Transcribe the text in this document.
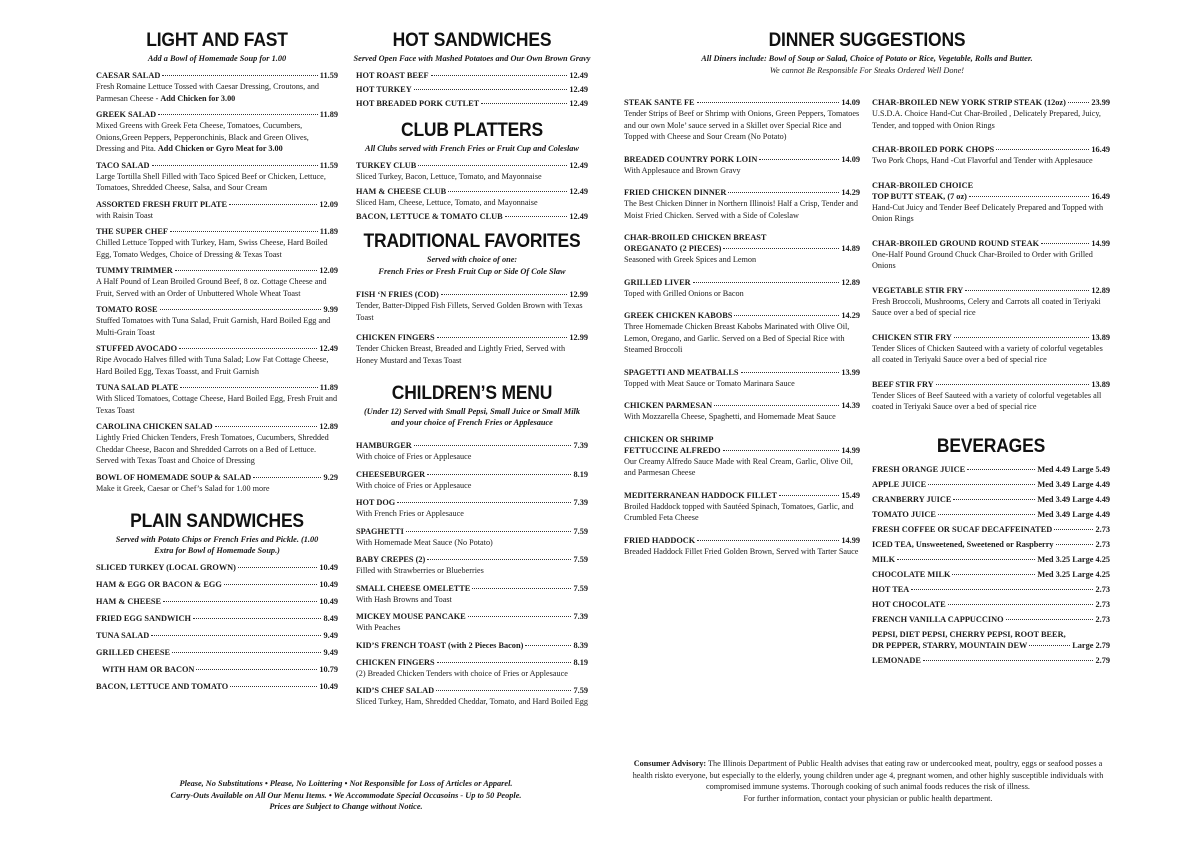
LIGHT AND FAST
Add a Bowl of Homemade Soup for 1.00
CAESAR SALAD	11.59
Fresh Romaine Lettuce Tossed with Caesar Dressing, Croutons, and Parmesan Cheese - Add Chicken for 3.00
GREEK SALAD	11.89
Mixed Greens with Greek Feta Cheese, Tomatoes, Cucumbers, Onions,Green Peppers, Pepperonchinis, Black and Green Olives, Dressing and Pita. Add Chicken or Gyro Meat for 3.00
TACO SALAD	11.59
Large Tortilla Shell Filled with Taco Spiced Beef or Chicken, Lettuce, Tomatoes, Shredded Cheese, Salsa, and Sour Cream
ASSORTED FRESH FRUIT PLATE	12.09
with Raisin Toast
THE SUPER CHEF	11.89
Chilled Lettuce Topped with Turkey, Ham, Swiss Cheese, Hard Boiled Egg, Tomato Wedges, Choice of Dressing & Texas Toast
TUMMY TRIMMER	12.09
A Half Pound of Lean Broiled Ground Beef, 8 oz. Cottage Cheese and Fruit, Served with an Order of Unbuttered Whole Wheat Toast
TOMATO ROSE	9.99
Stuffed Tomatoes with Tuna Salad, Fruit Garnish, Hard Boiled Egg and Multi-Grain Toast
STUFFED AVOCADO	12.49
Ripe Avocado Halves filled with Tuna Salad; Low Fat Cottage Cheese, Hard Boiled Egg, Texas Toasst, and Fruit Garnish
TUNA SALAD PLATE	11.89
With Sliced Tomatoes, Cottage Cheese, Hard Boiled Egg, Fresh Fruit and Texas Toast
CAROLINA CHICKEN SALAD	12.89
Lightly Fried Chicken Tenders, Fresh Tomatoes, Cucumbers, Shredded Cheddar Cheese, Bacon and Shredded Carrots on a Bed of Lettuce. Served with Texas Toast and Choice of Dressing
BOWL OF HOMEMADE SOUP & SALAD	9.29
Make it Greek, Caesar or Chef’s Salad for 1.00 more
PLAIN SANDWICHES
Served with Potato Chips or French Fries and Pickle. (1.00 Extra for Bowl of Homemade Soup.)
SLICED TURKEY (LOCAL GROWN)	10.49
HAM & EGG OR BACON & EGG	10.49
HAM & CHEESE	10.49
FRIED EGG SANDWICH	8.49
TUNA SALAD	9.49
GRILLED CHEESE	9.49
WITH HAM OR BACON	10.79
BACON, LETTUCE AND TOMATO	10.49
HOT SANDWICHES
Served Open Face with Mashed Potatoes and Our Own Brown Gravy
HOT ROAST BEEF	12.49
HOT TURKEY	12.49
HOT BREADED PORK CUTLET	12.49
CLUB PLATTERS
All Clubs served with French Fries or Fruit Cup and Coleslaw
TURKEY CLUB	12.49
Sliced Turkey, Bacon, Lettuce, Tomato, and Mayonnaise
HAM & CHEESE CLUB	12.49
Sliced Ham, Cheese, Lettuce, Tomato, and Mayonnaise
BACON, LETTUCE & TOMATO CLUB	12.49
TRADITIONAL FAVORITES
Served with choice of one:
French Fries or Fresh Fruit Cup or Side Of Cole Slaw
FISH ‘N FRIES (COD)	12.99
Tender, Batter-Dipped Fish Fillets, Served Golden Brown with Texas Toast
CHICKEN FINGERS	12.99
Tender Chicken Breast, Breaded and Lightly Fried, Served with Honey Mustard and Texas Toast
CHILDREN’S MENU
(Under 12) Served with Small Pepsi, Small Juice or Small Milk and your choice of French Fries or Applesauce
HAMBURGER	7.39
With choice of Fries or Applesauce
CHEESEBURGER	8.19
With choice of Fries or Applesauce
HOT DOG	7.39
With French Fries or Applesauce
SPAGHETTI	7.59
With Homemade Meat Sauce (No Potato)
BABY CREPES (2)	7.59
Filled with Strawberries or Blueberries
SMALL CHEESE OMELETTE	7.59
With Hash Browns and Toast
MICKEY MOUSE PANCAKE	7.39
With Peaches
KID’S FRENCH TOAST (with 2 Pieces Bacon)	8.39
CHICKEN FINGERS	8.19
(2) Breaded Chicken Tenders with choice of Fries or Applesauce
KID’S CHEF SALAD	7.59
Sliced Turkey, Ham, Shredded Cheddar, Tomato, and Hard Boiled Egg
Please, No Substitutions • Please, No Loittering • Not Responsible for Loss of Articles or Apparel.
Carry-Outs Available on All Our Menu Items. • We Accommodate Special Occasoins - Up to 50 People.
Prices are Subject to Change without Notice.
DINNER SUGGESTIONS
All Diners include: Bowl of Soup or Salad, Choice of Potato or Rice, Vegetable, Rolls and Butter.
We cannot Be Responsible For Steaks Ordered Well Done!
STEAK SANTE FE	14.09
Tender Strips of Beef or Shrimp with Onions, Green Peppers, Tomatoes and our own Mole’ sauce served in a Skillet over Special Rice and Topped with Cheese and Sour Cream (No Potato)
BREADED COUNTRY PORK LOIN	14.09
With Applesauce and Brown Gravy
FRIED CHICKEN DINNER	14.29
The Best Chicken Dinner in Northern Illinois! Half a Crisp, Tender and Moist Fried Chicken. Served with a Side of Coleslaw
CHAR-BROILED CHICKEN BREAST
OREGANATO (2 PIECES)	14.89
Seasoned with Greek Spices and Lemon
GRILLED LIVER	12.89
Toped with Grilled Onions or Bacon
GREEK CHICKEN KABOBS	14.29
Three Homemade Chicken Breast Kabobs Marinated with Olive Oil, Lemon, Oregano, and Garlic. Served on a Bed of Special Rice with Steamed Broccoli
SPAGETTI AND MEATBALLS	13.99
Topped with Meat Sauce or Tomato Marinara Sauce
CHICKEN PARMESAN	14.39
With Mozzarella Cheese, Spaghetti, and Homemade Meat Sauce
CHICKEN OR SHRIMP
FETTUCCINE ALFREDO	14.99
Our Creamy Alfredo Sauce Made with Real Cream, Garlic, Olive Oil, and Parmesan Cheese
MEDITERRANEAN HADDOCK FILLET	15.49
Broiled Haddock topped with Sautéed Spinach, Tomatoes, Garlic, and Crumbled Feta Cheese
FRIED HADDOCK	14.99
Breaded Haddock Fillet Fried Golden Brown, Served with Tarter Sauce
CHAR-BROILED NEW YORK STRIP STEAK (12oz)	23.99
U.S.D.A. Choice Hand-Cut Char-Broiled , Delicately Prepared, Juicy, Tender, and topped with Onion Rings
CHAR-BROILED PORK CHOPS	16.49
Two Pork Chops, Hand -Cut Flavorful and Tender with Applesauce
CHAR-BROILED CHOICE
TOP BUTT STEAK, (7 oz)	16.49
Hand-Cut Juicy and Tender Beef Delicately Prepared and Topped with Onion Rings
CHAR-BROILED GROUND ROUND STEAK	14.99
One-Half Pound Ground Chuck Char-Broiled to Order with Grilled Onions
VEGETABLE STIR FRY	12.89
Fresh Broccoli, Mushrooms, Celery and Carrots all coated in Teriyaki Sauce over a bed of special rice
CHICKEN STIR FRY	13.89
Tender Slices of Chicken Sauteed with a variety of colorful vegetables all coated in Teriyaki Sauce over a bed of special rice
BEEF STIR FRY	13.89
Tender Slices of Beef Sauteed with a variety of colorful vegetables all coated in Teriyaki Sauce over a bed of special rice
BEVERAGES
FRESH ORANGE JUICE	Med 4.49 Large 5.49
APPLE JUICE	Med 3.49 Large 4.49
CRANBERRY JUICE	Med 3.49 Large 4.49
TOMATO JUICE	Med 3.49 Large 4.49
FRESH COFFEE OR SUCAF DECAFFEINATED	2.73
ICED TEA, Unsweetened, Sweetened or Raspberry	2.73
MILK	Med 3.25 Large 4.25
CHOCOLATE MILK	Med 3.25 Large 4.25
HOT TEA	2.73
HOT CHOCOLATE	2.73
FRENCH VANILLA CAPPUCCINO	2.73
PEPSI, DIET PEPSI, CHERRY PEPSI, ROOT BEER,
DR PEPPER, STARRY, MOUNTAIN DEW	Large 2.79
LEMONADE	2.79
Consumer Advisory: The Illinois Department of Public Health advises that eating raw or undercooked meat, poultry, eggs or seafood posses a health riskto everyone, but especially to the elderly, young children under age 4, pregnant women, and other highly susceptible individuals with compromised immune systems. Thorough cooking of such animal foods reduces the risk of illness.
For further information, contact your physician or public health department.
